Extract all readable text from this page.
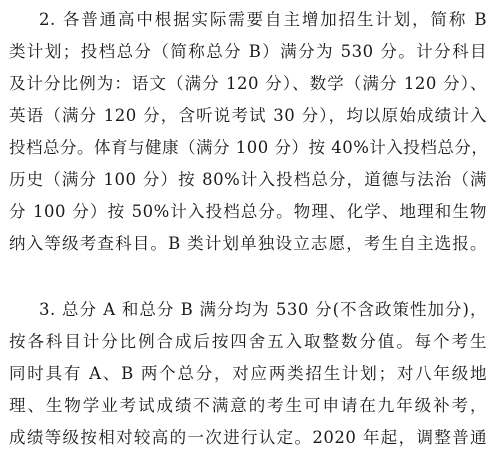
2. 各普通高中根据实际需要自主增加招生计划，简称 B
类计划；投档总分（简称总分 B）满分为 530 分。计分科目
及计分比例为：语文（满分 120 分）、数学（满分 120 分）、
英语（满分 120 分，含听说考试 30 分），均以原始成绩计入
投档总分。体育与健康（满分 100 分）按 40%计入投档总分，
历史（满分 100 分）按 80%计入投档总分，道德与法治（满
分 100 分）按 50%计入投档总分。物理、化学、地理和生物
纳入等级考查科目。B 类计划单独设立志愿，考生自主选报。
3. 总分 A 和总分 B 满分均为 530 分(不含政策性加分)，
按各科目计分比例合成后按四舍五入取整数分值。每个考生
同时具有 A、B 两个总分，对应两类招生计划；对八年级地
理、生物学业考试成绩不满意的考生可申请在九年级补考，
成绩等级按相对较高的一次进行认定。2020 年起，调整普通
